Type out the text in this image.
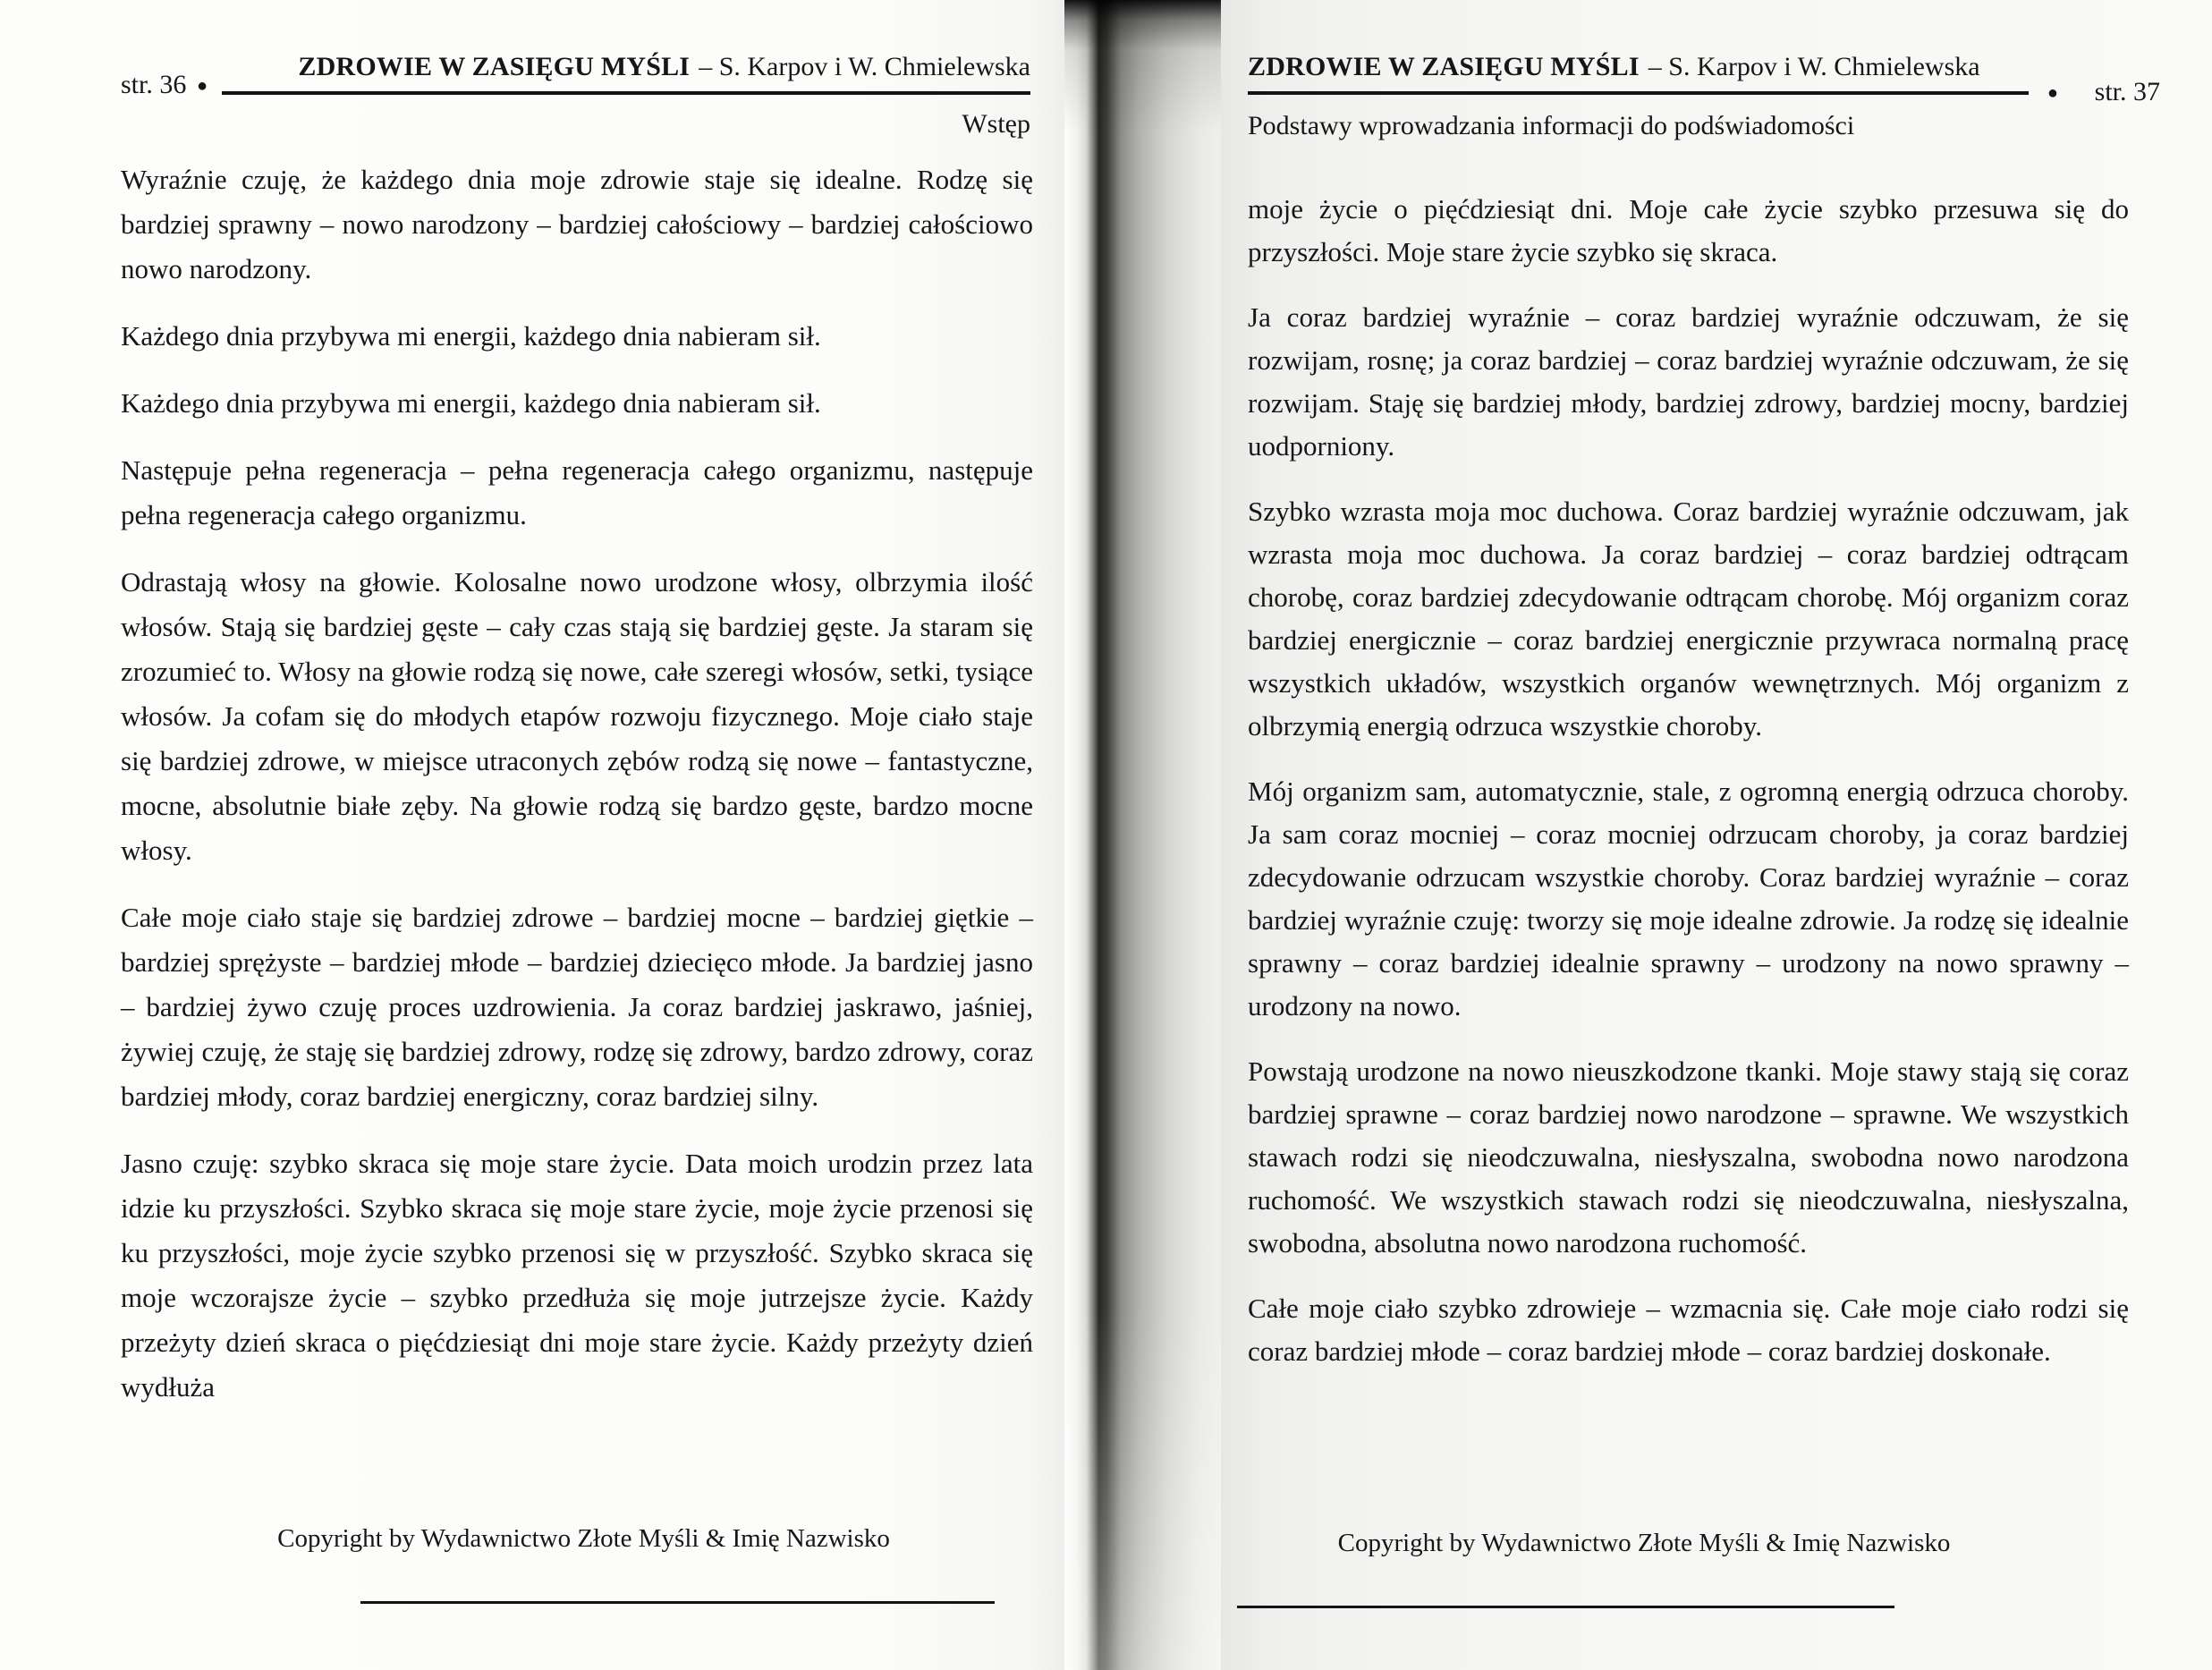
str. 36 ●
ZDROWIE W ZASIĘGU MYŚLI – S. Karpov i W. Chmielewska
Wstęp

Wyraźnie czuję, że każdego dnia moje zdrowie staje się idealne. Rodzę się bardziej sprawny – nowo narodzony – bardziej całościowy – bardziej całościowo nowo narodzony.

Każdego dnia przybywa mi energii, każdego dnia nabieram sił.

Każdego dnia przybywa mi energii, każdego dnia nabieram sił.

Następuje pełna regeneracja – pełna regeneracja całego organizmu, następuje pełna regeneracja całego organizmu.

Odrastają włosy na głowie. Kolosalne nowo urodzone włosy, olbrzymia ilość włosów. Stają się bardziej gęste – cały czas stają się bardziej gęste. Ja staram się zrozumieć to. Włosy na głowie rodzą się nowe, całe szeregi włosów, setki, tysiące włosów. Ja cofam się do młodych etapów rozwoju fizycznego. Moje ciało staje się bardziej zdrowe, w miejsce utraconych zębów rodzą się nowe – fantastyczne, mocne, absolutnie białe zęby. Na głowie rodzą się bardzo gęste, bardzo mocne włosy.

Całe moje ciało staje się bardziej zdrowe – bardziej mocne – bardziej giętkie – bardziej sprężyste – bardziej młode – bardziej dziecięco młode. Ja bardziej jasno – bardziej żywo czuję proces uzdrowienia. Ja coraz bardziej jaskrawo, jaśniej, żywiej czuję, że staję się bardziej zdrowy, rodzę się zdrowy, bardzo zdrowy, coraz bardziej młody, coraz bardziej energiczny, coraz bardziej silny.

Jasno czuję: szybko skraca się moje stare życie. Data moich urodzin przez lata idzie ku przyszłości. Szybko skraca się moje stare życie, moje życie przenosi się ku przyszłości, moje życie szybko przenosi się w przyszłość. Szybko skraca się moje wczorajsze życie – szybko przedłuża się moje jutrzejsze życie. Każdy przeżyty dzień skraca o pięćdziesiąt dni moje stare życie. Każdy przeżyty dzień wydłuża

Copyright by Wydawnictwo Złote Myśli & Imię Nazwisko
ZDROWIE W ZASIĘGU MYŚLI – S. Karpov i W. Chmielewska
● str. 37
Podstawy wprowadzania informacji do podświadomości

moje życie o pięćdziesiąt dni. Moje całe życie szybko przesuwa się do przyszłości. Moje stare życie szybko się skraca.

Ja coraz bardziej wyraźnie – coraz bardziej wyraźnie odczuwam, że się rozwijam, rosnę; ja coraz bardziej – coraz bardziej wyraźnie odczuwam, że się rozwijam. Staję się bardziej młody, bardziej zdrowy, bardziej mocny, bardziej uodporniony.

Szybko wzrasta moja moc duchowa. Coraz bardziej wyraźnie odczuwam, jak wzrasta moja moc duchowa. Ja coraz bardziej – coraz bardziej odtrącam chorobę, coraz bardziej zdecydowanie odtrącam chorobę. Mój organizm coraz bardziej energicznie – coraz bardziej energicznie przywraca normalną pracę wszystkich układów, wszystkich organów wewnętrznych. Mój organizm z olbrzymią energią odrzuca wszystkie choroby.

Mój organizm sam, automatycznie, stale, z ogromną energią odrzuca choroby. Ja sam coraz mocniej – coraz mocniej odrzucam choroby, ja coraz bardziej zdecydowanie odrzucam wszystkie choroby. Coraz bardziej wyraźnie – coraz bardziej wyraźnie czuję: tworzy się moje idealne zdrowie. Ja rodzę się idealnie sprawny – coraz bardziej idealnie sprawny – urodzony na nowo sprawny – urodzony na nowo.

Powstają urodzone na nowo nieuszkodzone tkanki. Moje stawy stają się coraz bardziej sprawne – coraz bardziej nowo narodzone – sprawne. We wszystkich stawach rodzi się nieodczuwalna, niesłyszalna, swobodna nowo narodzona ruchomość. We wszystkich stawach rodzi się nieodczuwalna, niesłyszalna, swobodna, absolutna nowo narodzona ruchomość.

Całe moje ciało szybko zdrowieje – wzmacnia się. Całe moje ciało rodzi się coraz bardziej młode – coraz bardziej młode – coraz bardziej doskonałe.

Copyright by Wydawnictwo Złote Myśli & Imię Nazwisko
